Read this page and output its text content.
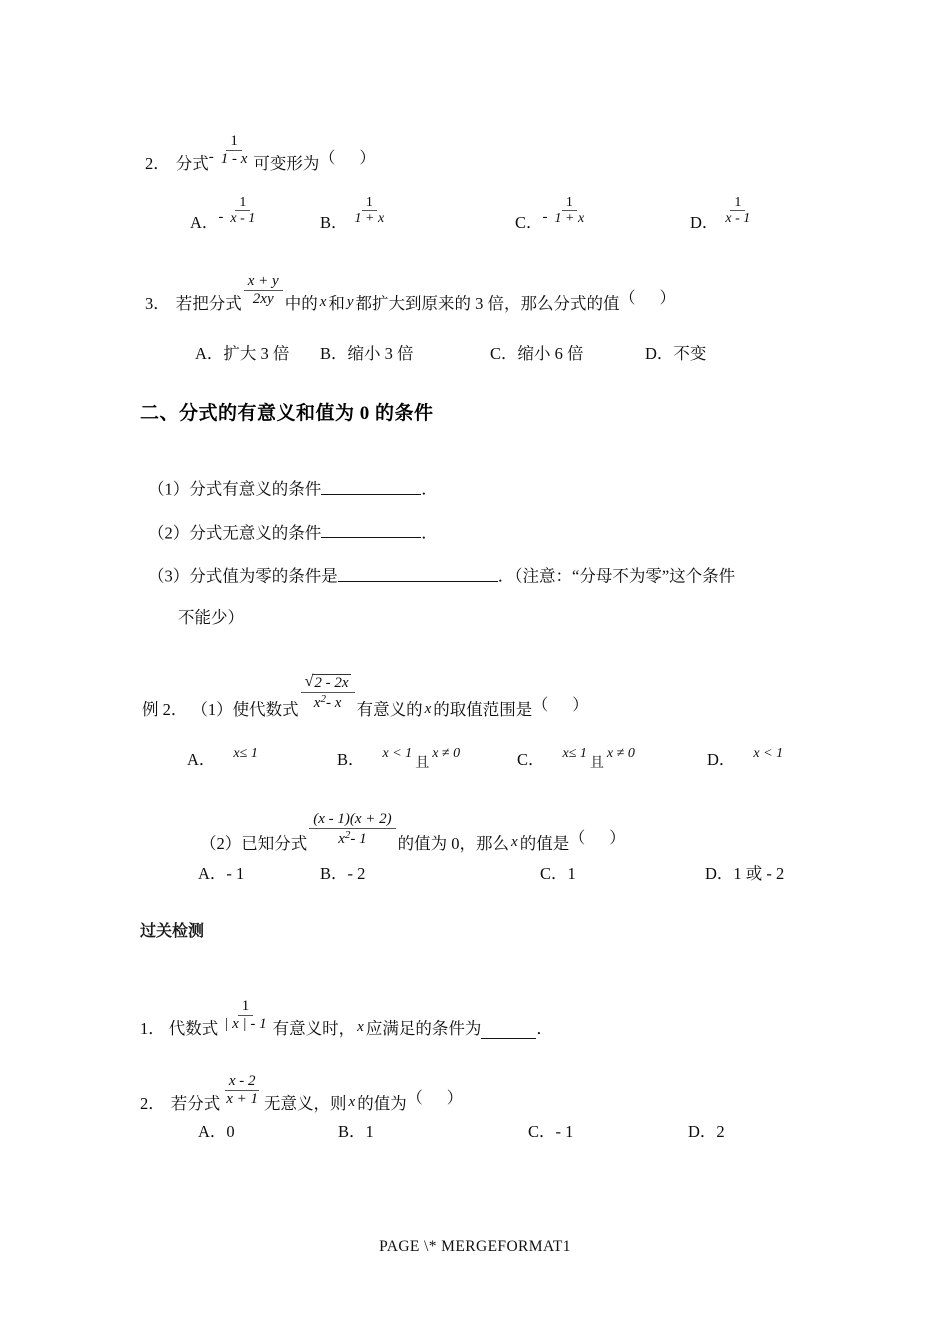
2． 分式 - $\frac{1}{1 - x}$ 可变形为 （ ）
A． - $\frac{1}{x - 1}$	B． $\frac{1}{1 + x}$	C． - $\frac{1}{1 + x}$	D． $\frac{1}{x - 1}$
3． 若把分式 $\frac{x + y}{2xy}$ 中的 x 和 y 都扩大到原来的 3 倍，那么分式的值 （ ）
A．扩大 3 倍	B．缩小 3 倍	C．缩小 6 倍	D．不变
二、分式的有意义和值为 0 的条件
（1）分式有意义的条件	．
（2）分式无意义的条件	．
（3）分式值为零的条件是	．（注意：“分母不为零”这个条件
不能少）
例 2． （1）使代数式 $\frac{√ 2 - 2x}{x^2- x}$ 有意义的 x 的取值范围是 （ ）
A． $^{x\le 1}$	B． $^{x < 1}$且$^{x \ne 0}$	C． $^{x\le 1}$且$^{x \ne 0}$	D． $^{x < 1}$
（2）已知分式 $\frac{(x - 1)(x + 2)}{x^2- 1}$ 的值为 0，那么 x 的值是 （ ）
A．- 1	B．- 2	C．1	D．1 或 - 2
过关检测
1． 代数式 $\frac{1}{| x | - 1}$ 有意义时， x 应满足的条件为	．
2． 若分式 $\frac{x - 2}{x + 1}$ 无意义，则 x 的值为 （ ）
A．0	B．1	C．- 1	D．2
PAGE \* MERGEFORMAT1
